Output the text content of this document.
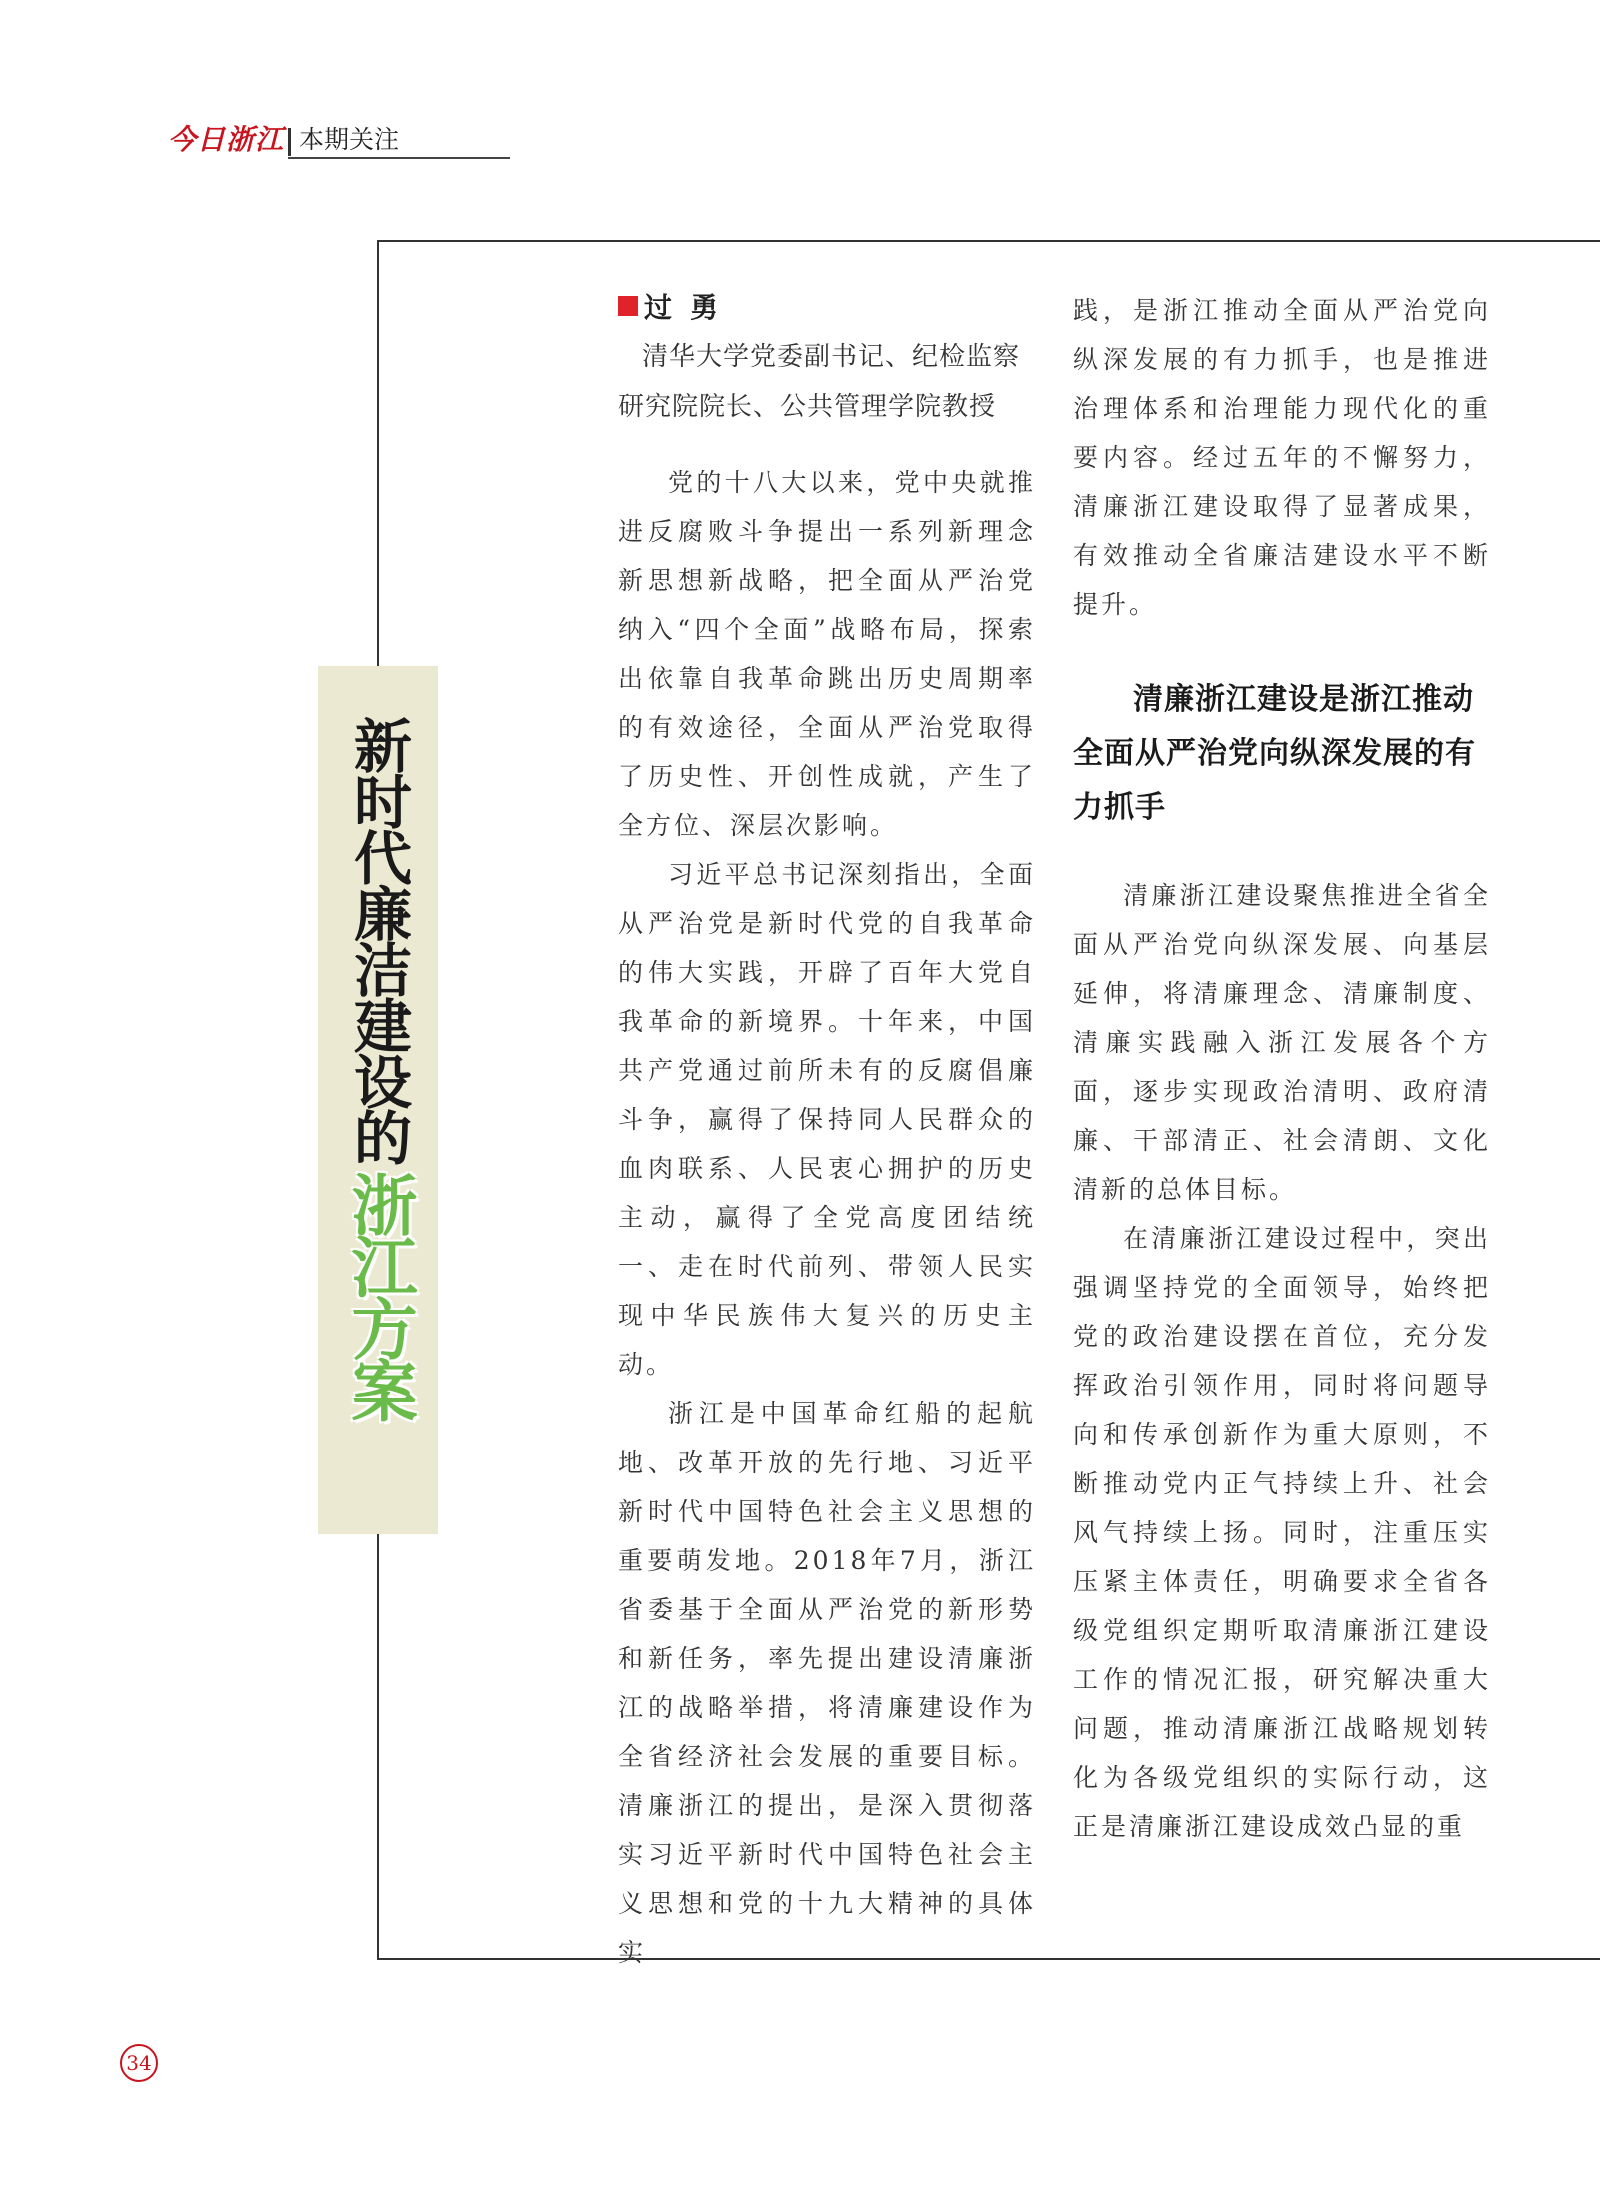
今日浙江 本期关注
新时代廉洁建设的
浙江方案
过勇
清华大学党委副书记、纪检监察研究院院长、公共管理学院教授

党的十八大以来，党中央就推进反腐败斗争提出一系列新理念新思想新战略，把全面从严治党纳入“四个全面”战略布局，探索出依靠自我革命跳出历史周期率的有效途径，全面从严治党取得了历史性、开创性成就，产生了全方位、深层次影响。

习近平总书记深刻指出，全面从严治党是新时代党的自我革命的伟大实践，开辟了百年大党自我革命的新境界。十年来，中国共产党通过前所未有的反腐倡廉斗争，赢得了保持同人民群众的血肉联系、人民衷心拥护的历史主动，赢得了全党高度团结统一、走在时代前列、带领人民实现中华民族伟大复兴的历史主动。

浙江是中国革命红船的起航地、改革开放的先行地、习近平新时代中国特色社会主义思想的重要萌发地。2018年7月，浙江省委基于全面从严治党的新形势和新任务，率先提出建设清廉浙江的战略举措，将清廉建设作为全省经济社会发展的重要目标。清廉浙江的提出，是深入贯彻落实习近平新时代中国特色社会主义思想和党的十九大精神的具体实

践，是浙江推动全面从严治党向纵深发展的有力抓手，也是推进治理体系和治理能力现代化的重要内容。经过五年的不懈努力，清廉浙江建设取得了显著成果，有效推动全省廉洁建设水平不断提升。

清廉浙江建设是浙江推动全面从严治党向纵深发展的有力抓手

清廉浙江建设聚焦推进全省全面从严治党向纵深发展、向基层延伸，将清廉理念、清廉制度、清廉实践融入浙江发展各个方面，逐步实现政治清明、政府清廉、干部清正、社会清朗、文化清新的总体目标。

在清廉浙江建设过程中，突出强调坚持党的全面领导，始终把党的政治建设摆在首位，充分发挥政治引领作用，同时将问题导向和传承创新作为重大原则，不断推动党内正气持续上升、社会风气持续上扬。同时，注重压实压紧主体责任，明确要求全省各级党组织定期听取清廉浙江建设工作的情况汇报，研究解决重大问题，推动清廉浙江战略规划转化为各级党组织的实际行动，这正是清廉浙江建设成效凸显的重

34
